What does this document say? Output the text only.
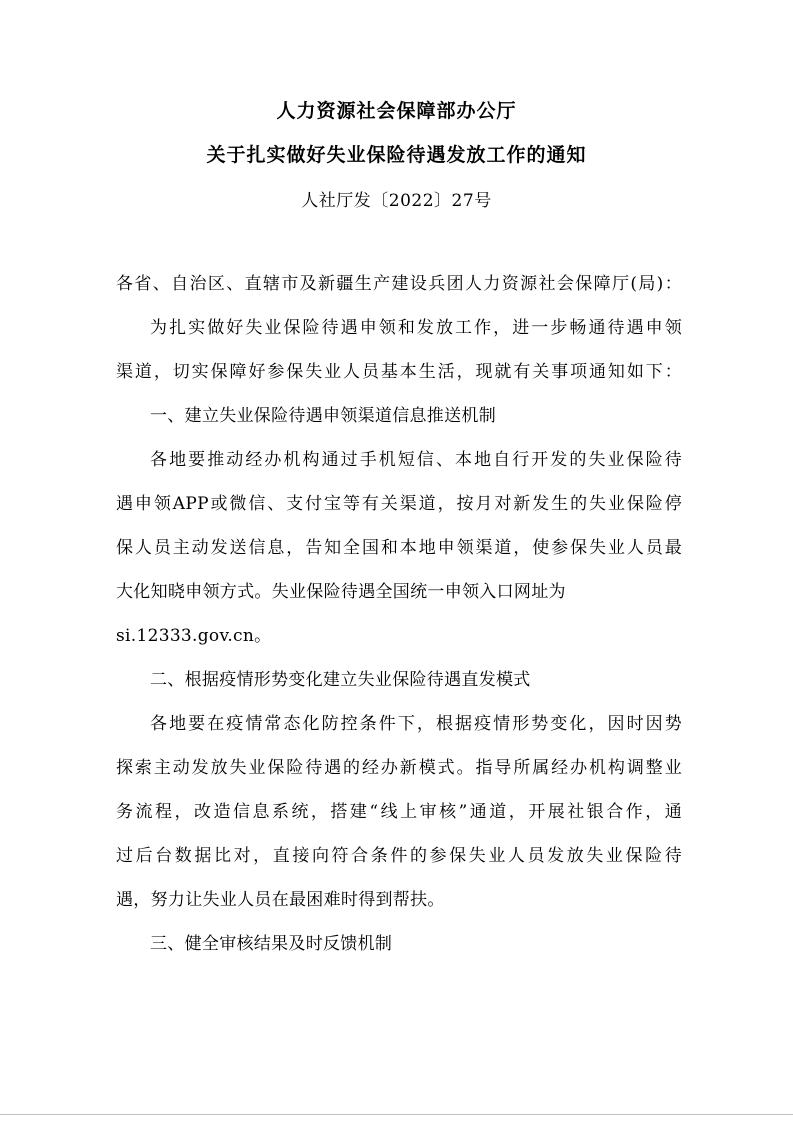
人力资源社会保障部办公厅
关于扎实做好失业保险待遇发放工作的通知

人社厅发〔2022〕27号

各省、自治区、直辖市及新疆生产建设兵团人力资源社会保障厅(局)：

为扎实做好失业保险待遇申领和发放工作，进一步畅通待遇申领

渠道，切实保障好参保失业人员基本生活，现就有关事项通知如下：

一、建立失业保险待遇申领渠道信息推送机制

各地要推动经办机构通过手机短信、本地自行开发的失业保险待

遇申领APP或微信、支付宝等有关渠道，按月对新发生的失业保险停

保人员主动发送信息，告知全国和本地申领渠道，使参保失业人员最

大化知晓申领方式。失业保险待遇全国统一申领入口网址为

si.12333.gov.cn。

二、根据疫情形势变化建立失业保险待遇直发模式

各地要在疫情常态化防控条件下，根据疫情形势变化，因时因势

探索主动发放失业保险待遇的经办新模式。指导所属经办机构调整业

务流程，改造信息系统，搭建“线上审核”通道，开展社银合作，通

过后台数据比对，直接向符合条件的参保失业人员发放失业保险待

遇，努力让失业人员在最困难时得到帮扶。

三、健全审核结果及时反馈机制
